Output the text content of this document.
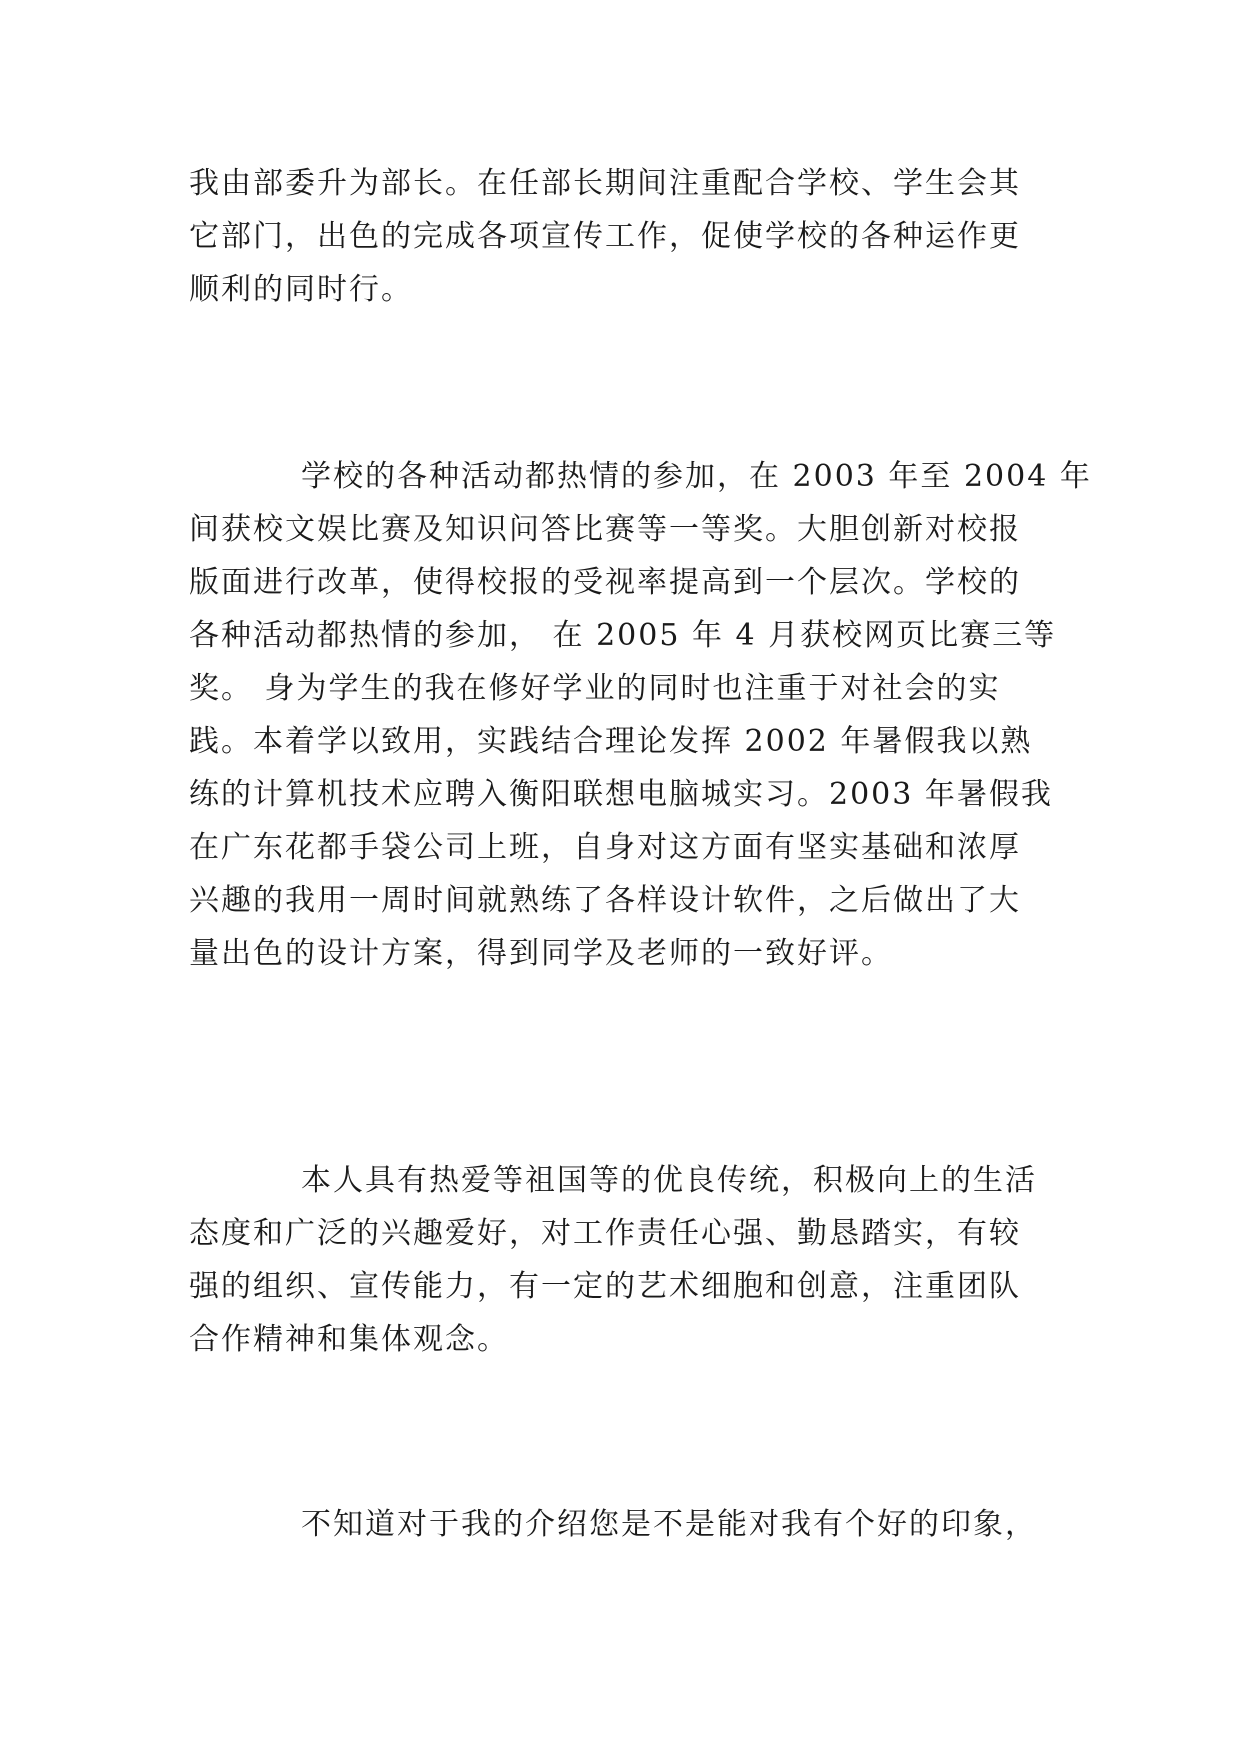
我由部委升为部长。在任部长期间注重配合学校、学生会其
它部门，出色的完成各项宣传工作，促使学校的各种运作更
顺利的同时行。

学校的各种活动都热情的参加，在 2003 年至 2004 年
间获校文娱比赛及知识问答比赛等一等奖。大胆创新对校报
版面进行改革，使得校报的受视率提高到一个层次。学校的
各种活动都热情的参加， 在 2005 年 4 月获校网页比赛三等
奖。 身为学生的我在修好学业的同时也注重于对社会的实
践。本着学以致用，实践结合理论发挥 2002 年暑假我以熟
练的计算机技术应聘入衡阳联想电脑城实习。2003 年暑假我
在广东花都手袋公司上班，自身对这方面有坚实基础和浓厚
兴趣的我用一周时间就熟练了各样设计软件，之后做出了大
量出色的设计方案，得到同学及老师的一致好评。

本人具有热爱等祖国等的优良传统，积极向上的生活
态度和广泛的兴趣爱好，对工作责任心强、勤恳踏实，有较
强的组织、宣传能力，有一定的艺术细胞和创意，注重团队
合作精神和集体观念。

不知道对于我的介绍您是不是能对我有个好的印象，
